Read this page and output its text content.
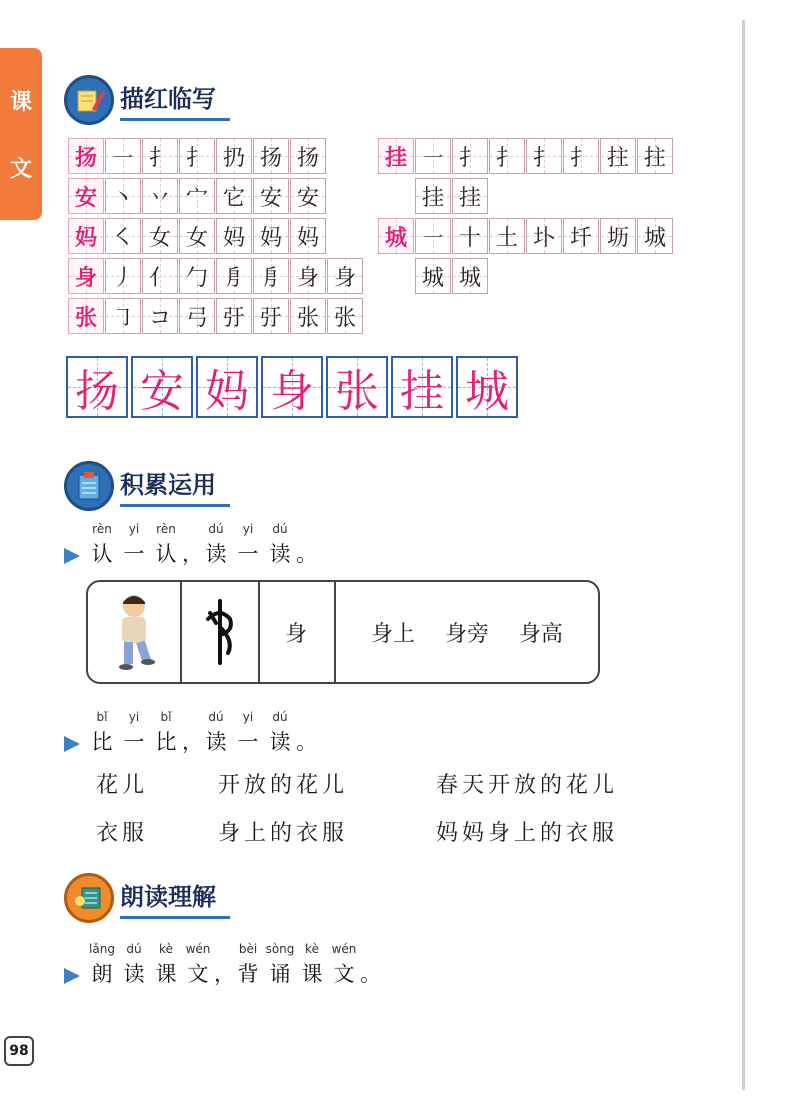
课
文
描红临写
扬 ㇐ 扌 扌 扔 扬 扬
安 丶 丷 宀 它 安 安
妈 ㇛ 女 女 妈 妈 妈
身 丿 亻 勹 㐆 㐆 身 身
张 ㇆ コ 弓 弙 弙 张 张
挂 ㇐ 扌 扌 扌 扌 拄 拄
挂 挂
城 ㇐ 十 土 圤 圲 坜 城
城 城
扬 安 妈 身 张 挂 城
积累运用
rèn
认
yi
一
rèn
认 ，
dú
读
yi
一
dú
读 。
身	身上 身旁 身高
bǐ
比
yi
一
bǐ
比 ，
dú
读
yi
一
dú
读 。
花儿	开放的花儿	春天开放的花儿
衣服	身上的衣服	妈妈身上的衣服
朗读理解
lǎng
朗
dú
读
kè
课
wén
文 ，
bèi
背
sòng
诵
kè
课
wén
文 。
98
